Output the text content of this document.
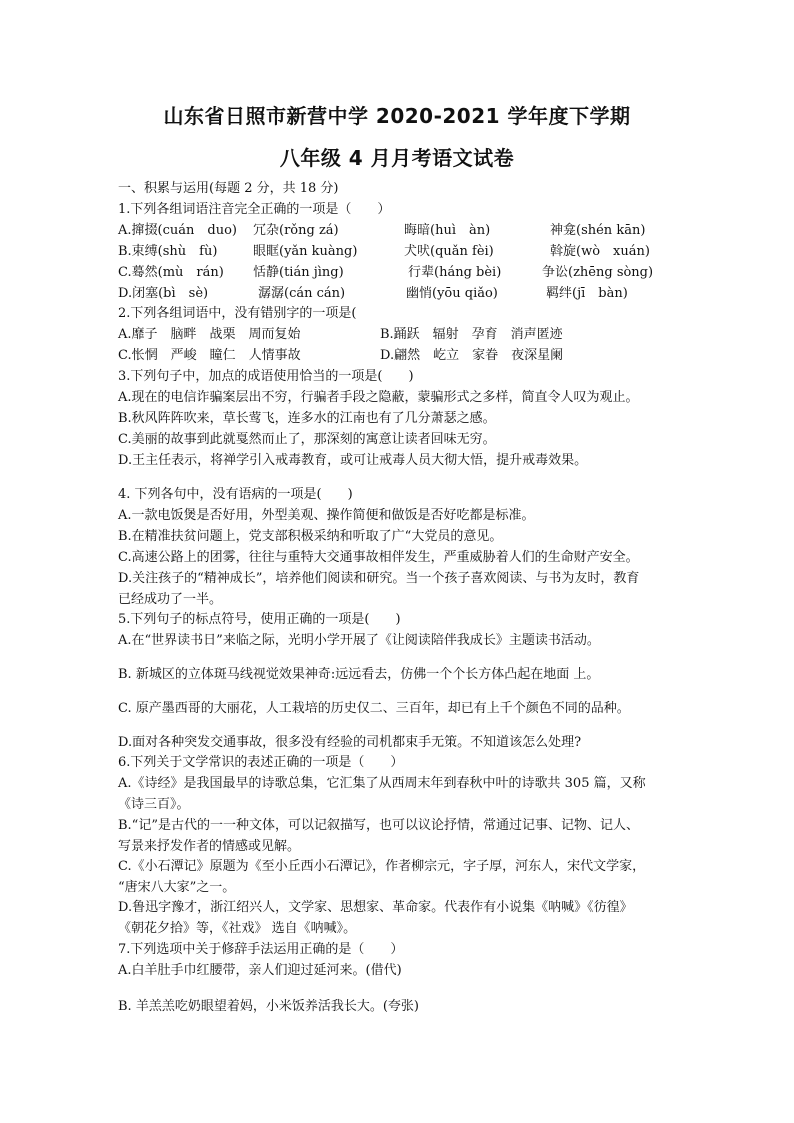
山东省日照市新营中学 2020-2021 学年度下学期
八年级 4 月月考语文试卷
一、积累与运用(每题 2 分，共 18 分)
1.下列各组词语注音完全正确的一项是（　　）
A.撺掇(cuán　duo) 冗杂(rǒng zá)	晦暗(huì　àn)	神龛(shén kān)
B.束缚(shù　fù)	眼眶(yǎn kuàng)	犬吠(quǎn fèi)	斡旋(wò　xuán)
C.蓦然(mù　rán) 恬静(tián jìng)	行辈(háng bèi)	争讼(zhēng sòng)
D.闭塞(bì　sè)	潺潺(cán cán)	幽悄(yōu qiǎo)	羁绊(jī　bàn)
2.下列各组词语中，没有错别字的一项是(
A.靡子　脑畔　战栗　周而复始	B.踊跃　辐射　孕育　消声匿迹
C.怅惘　严峻　瞳仁　人情事故	D.翩然　屹立　家眷　夜深星阑
3.下列句子中，加点的成语使用恰当的一项是(　　)
A.现在的电信诈骗案层出不穷，行骗者手段之隐蔽，蒙骗形式之多样，简直令人叹为观止。
B.秋风阵阵吹来，草长莺飞，连多水的江南也有了几分萧瑟之感。
C.美丽的故事到此就戛然而止了，那深刻的寓意让读者回味无穷。
D.王主任表示，将禅学引入戒毒教育，或可让戒毒人员大彻大悟，提升戒毒效果。
4. 下列各句中，没有语病的一项是(　　)
A.一款电饭煲是否好用，外型美观、操作简便和做饭是否好吃都是标准。
B.在精准扶贫问题上，党支部积极采纳和听取了广“大党员的意见。
C.高速公路上的团雾，往往与重特大交通事故相伴发生，严重威胁着人们的生命财产安全。
D.关注孩子的“精神成长”，培养他们阅读和研究。当一个孩子喜欢阅读、与书为友时，教育
已经成功了一半。
5.下列句子的标点符号，使用正确的一项是(　　)
A.在“世界读书日”来临之际，光明小学开展了《让阅读陪伴我成长》主题读书活动。
B. 新城区的立体斑马线视觉效果神奇:远远看去，仿佛一个个长方体凸起在地面 上。
C. 原产墨西哥的大丽花，人工栽培的历史仅二、三百年，却已有上千个颜色不同的品种。
D.面对各种突发交通事故，很多没有经验的司机都束手无策。不知道该怎么处理?
6.下列关于文学常识的表述正确的一项是（　　）
A.《诗经》是我国最早的诗歌总集，它汇集了从西周末年到春秋中叶的诗歌共 305 篇，又称
《诗三百》。
B.“记”是古代的一一种文体，可以记叙描写，也可以议论抒情，常通过记事、记物、记人、
写景来抒发作者的情感或见解。
C.《小石潭记》原题为《至小丘西小石潭记》，作者柳宗元，字子厚，河东人，宋代文学家，
“唐宋八大家”之一。
D.鲁迅字豫才，浙江绍兴人，文学家、思想家、革命家。代表作有小说集《呐喊》《彷徨》
《朝花夕拾》等，《社戏》 选自《呐喊》。
7.下列选项中关于修辞手法运用正确的是（　　）
A.白羊肚手巾红腰带，亲人们迎过延河来。(借代)
B. 羊羔羔吃奶眼望着妈，小米饭养活我长大。(夸张)
